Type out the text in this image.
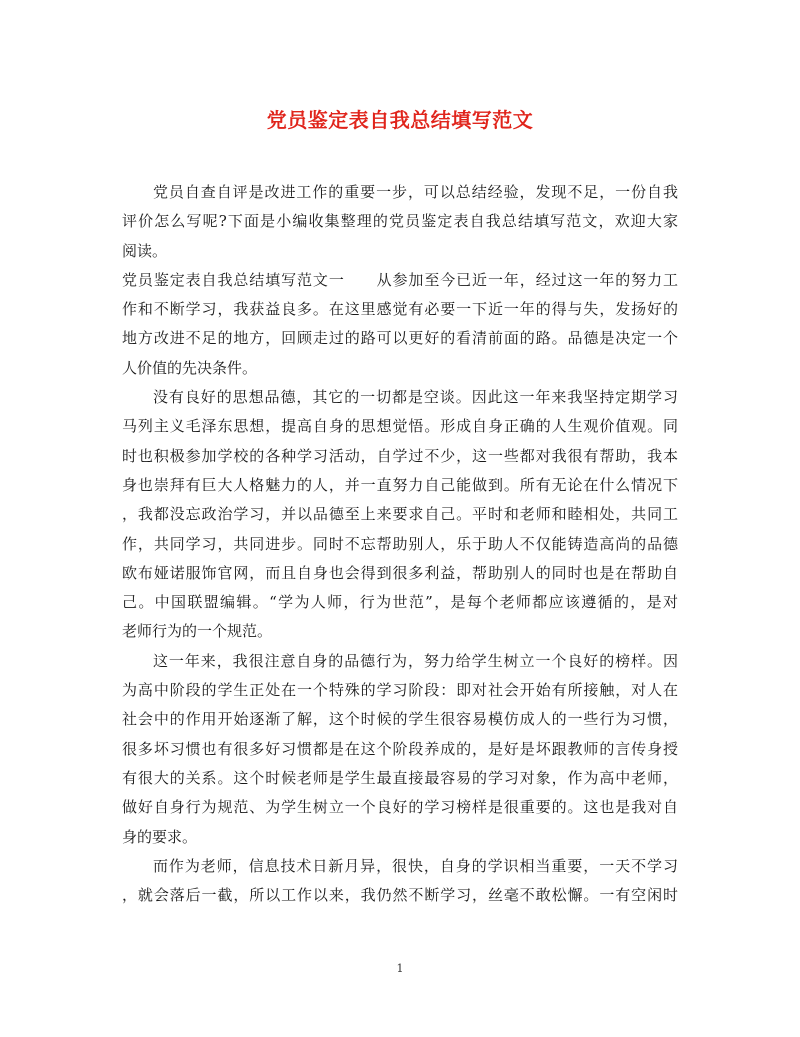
党员鉴定表自我总结填写范文

党员自查自评是改进工作的重要一步，可以总结经验，发现不足，一份自我
评价怎么写呢?下面是小编收集整理的党员鉴定表自我总结填写范文，欢迎大家
阅读。

党员鉴定表自我总结填写范文一　　从参加至今已近一年，经过这一年的努力工
作和不断学习，我获益良多。在这里感觉有必要一下近一年的得与失，发扬好的
地方改进不足的地方，回顾走过的路可以更好的看清前面的路。品德是决定一个
人价值的先决条件。

没有良好的思想品德，其它的一切都是空谈。因此这一年来我坚持定期学习
马列主义毛泽东思想，提高自身的思想觉悟。形成自身正确的人生观价值观。同
时也积极参加学校的各种学习活动，自学过不少，这一些都对我很有帮助，我本
身也崇拜有巨大人格魅力的人，并一直努力自己能做到。所有无论在什么情况下
，我都没忘政治学习，并以品德至上来要求自己。平时和老师和睦相处，共同工
作，共同学习，共同进步。同时不忘帮助别人，乐于助人不仅能铸造高尚的品德
欧布娅诺服饰官网，而且自身也会得到很多利益，帮助别人的同时也是在帮助自
己。中国联盟编辑。“学为人师，行为世范”，是每个老师都应该遵循的，是对
老师行为的一个规范。

这一年来，我很注意自身的品德行为，努力给学生树立一个良好的榜样。因
为高中阶段的学生正处在一个特殊的学习阶段：即对社会开始有所接触，对人在
社会中的作用开始逐渐了解，这个时候的学生很容易模仿成人的一些行为习惯，
很多坏习惯也有很多好习惯都是在这个阶段养成的，是好是坏跟教师的言传身授
有很大的关系。这个时候老师是学生最直接最容易的学习对象，作为高中老师，
做好自身行为规范、为学生树立一个良好的学习榜样是很重要的。这也是我对自
身的要求。

而作为老师，信息技术日新月异，很快，自身的学识相当重要，一天不学习
，就会落后一截，所以工作以来，我仍然不断学习，丝毫不敢松懈。一有空闲时

1
